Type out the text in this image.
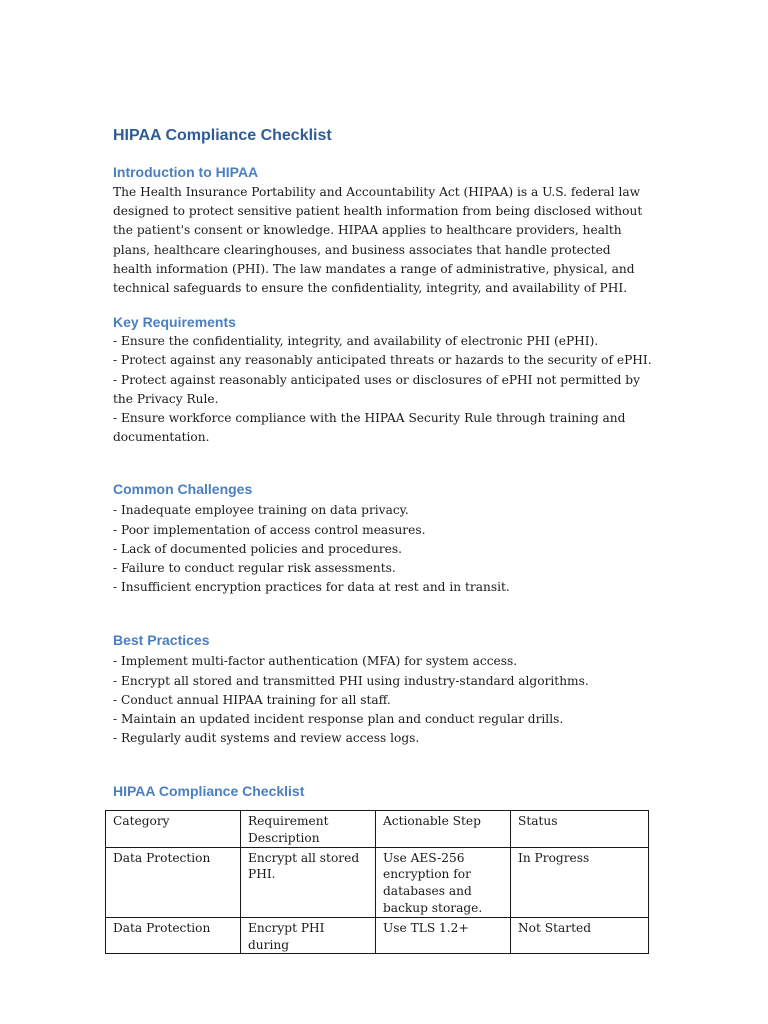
HIPAA Compliance Checklist
Introduction to HIPAA

The Health Insurance Portability and Accountability Act (HIPAA) is a U.S. federal law designed to protect sensitive patient health information from being disclosed without the patient's consent or knowledge. HIPAA applies to healthcare providers, health plans, healthcare clearinghouses, and business associates that handle protected health information (PHI). The law mandates a range of administrative, physical, and technical safeguards to ensure the confidentiality, integrity, and availability of PHI.

Key Requirements

- Ensure the confidentiality, integrity, and availability of electronic PHI (ePHI).

- Protect against any reasonably anticipated threats or hazards to the security of ePHI.

- Protect against reasonably anticipated uses or disclosures of ePHI not permitted by the Privacy Rule.

- Ensure workforce compliance with the HIPAA Security Rule through training and documentation.

Common Challenges

- Inadequate employee training on data privacy.

- Poor implementation of access control measures.

- Lack of documented policies and procedures.

- Failure to conduct regular risk assessments.

- Insufficient encryption practices for data at rest and in transit.

Best Practices

- Implement multi-factor authentication (MFA) for system access.

- Encrypt all stored and transmitted PHI using industry-standard algorithms.

- Conduct annual HIPAA training for all staff.

- Maintain an updated incident response plan and conduct regular drills.

- Regularly audit systems and review access logs.

HIPAA Compliance Checklist
Category	Requirement Description	Actionable Step	Status
Data Protection	Encrypt all stored PHI.	Use AES-256 encryption for databases and backup storage.	In Progress
Data Protection	Encrypt PHI during	Use TLS 1.2+	Not Started
